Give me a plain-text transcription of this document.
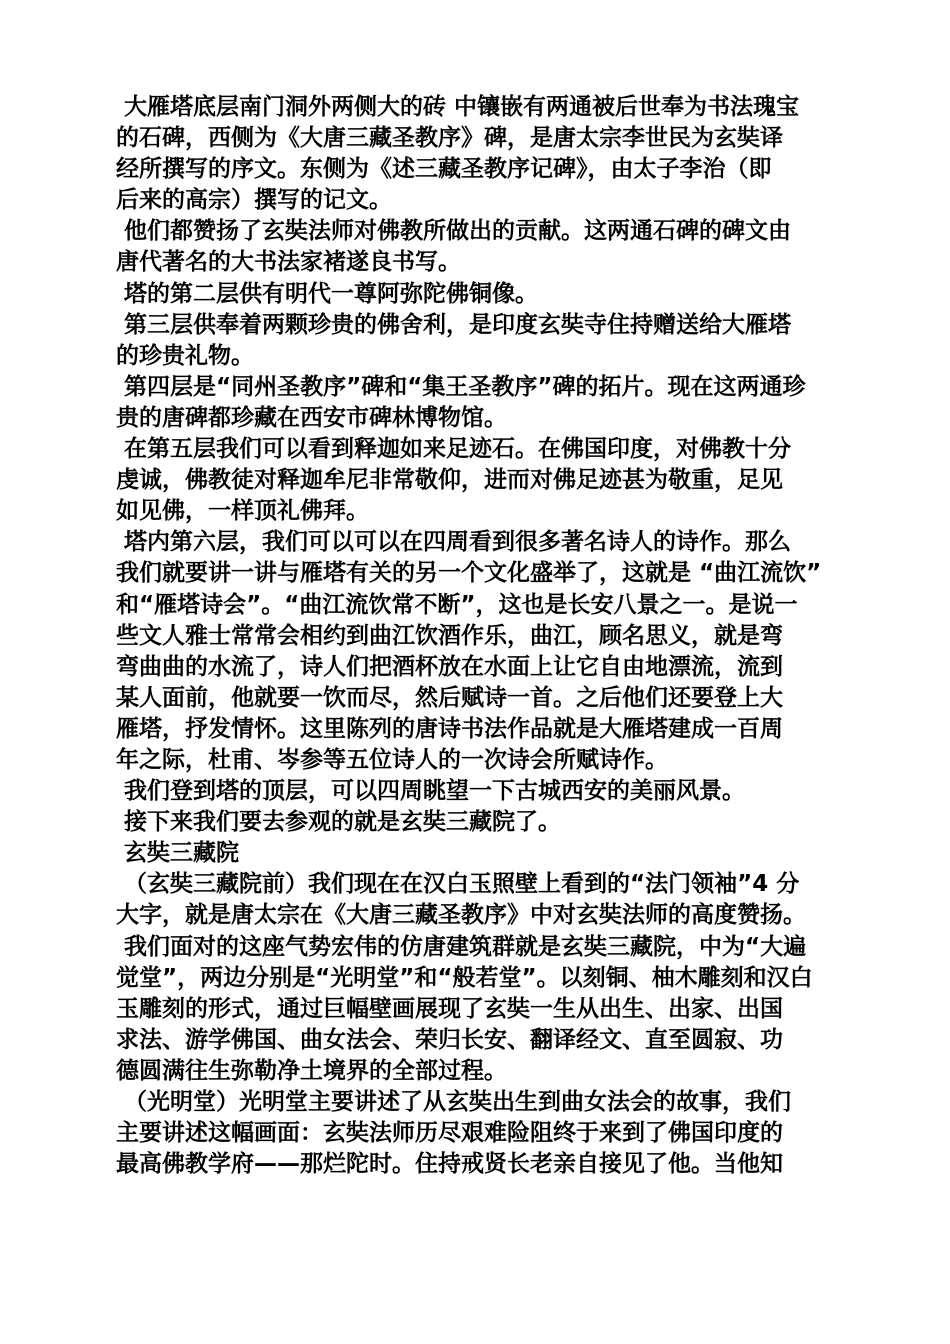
大雁塔底层南门洞外两侧大的砖 中镶嵌有两通被后世奉为书法瑰宝
的石碑，西侧为《大唐三藏圣教序》碑，是唐太宗李世民为玄奘译
经所撰写的序文。东侧为《述三藏圣教序记碑》，由太子李治（即
后来的高宗）撰写的记文。
他们都赞扬了玄奘法师对佛教所做出的贡献。这两通石碑的碑文由
唐代著名的大书法家褚遂良书写。
塔的第二层供有明代一尊阿弥陀佛铜像。
第三层供奉着两颗珍贵的佛舍利，是印度玄奘寺住持赠送给大雁塔
的珍贵礼物。
第四层是“同州圣教序”碑和“集王圣教序”碑的拓片。现在这两通珍
贵的唐碑都珍藏在西安市碑林博物馆。
在第五层我们可以看到释迦如来足迹石。在佛国印度，对佛教十分
虔诚，佛教徒对释迦牟尼非常敬仰，进而对佛足迹甚为敬重，足见
如见佛，一样顶礼佛拜。
塔内第六层，我们可以可以在四周看到很多著名诗人的诗作。那么
我们就要讲一讲与雁塔有关的另一个文化盛举了，这就是 “曲江流饮”
和“雁塔诗会”。“曲江流饮常不断”，这也是长安八景之一。是说一
些文人雅士常常会相约到曲江饮酒作乐，曲江，顾名思义，就是弯
弯曲曲的水流了，诗人们把酒杯放在水面上让它自由地漂流，流到
某人面前，他就要一饮而尽，然后赋诗一首。之后他们还要登上大
雁塔，抒发情怀。这里陈列的唐诗书法作品就是大雁塔建成一百周
年之际，杜甫、岑参等五位诗人的一次诗会所赋诗作。
我们登到塔的顶层，可以四周眺望一下古城西安的美丽风景。
接下来我们要去参观的就是玄奘三藏院了。
玄奘三藏院
（玄奘三藏院前）我们现在在汉白玉照壁上看到的“法门领袖”4 分
大字，就是唐太宗在《大唐三藏圣教序》中对玄奘法师的高度赞扬。
我们面对的这座气势宏伟的仿唐建筑群就是玄奘三藏院，中为“大遍
觉堂”，两边分别是“光明堂”和“般若堂”。以刻铜、柚木雕刻和汉白
玉雕刻的形式，通过巨幅壁画展现了玄奘一生从出生、出家、出国
求法、游学佛国、曲女法会、荣归长安、翻译经文、直至圆寂、功
德圆满往生弥勒净土境界的全部过程。
（光明堂）光明堂主要讲述了从玄奘出生到曲女法会的故事，我们
主要讲述这幅画面：玄奘法师历尽艰难险阻终于来到了佛国印度的
最高佛教学府——那烂陀时。住持戒贤长老亲自接见了他。当他知
